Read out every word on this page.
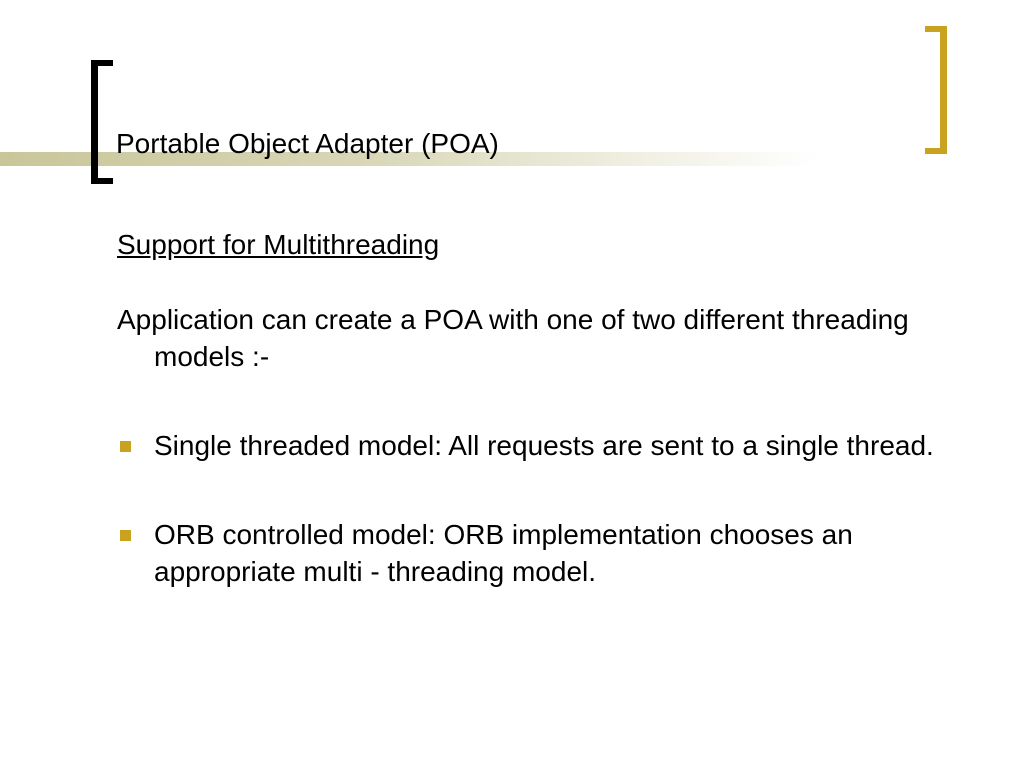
Portable Object Adapter (POA)

Support for Multithreading

Application can create a POA with one of two different threading models :-

Single threaded model: All requests are sent to a single thread.
ORB controlled model: ORB implementation chooses an appropriate multi - threading model.
